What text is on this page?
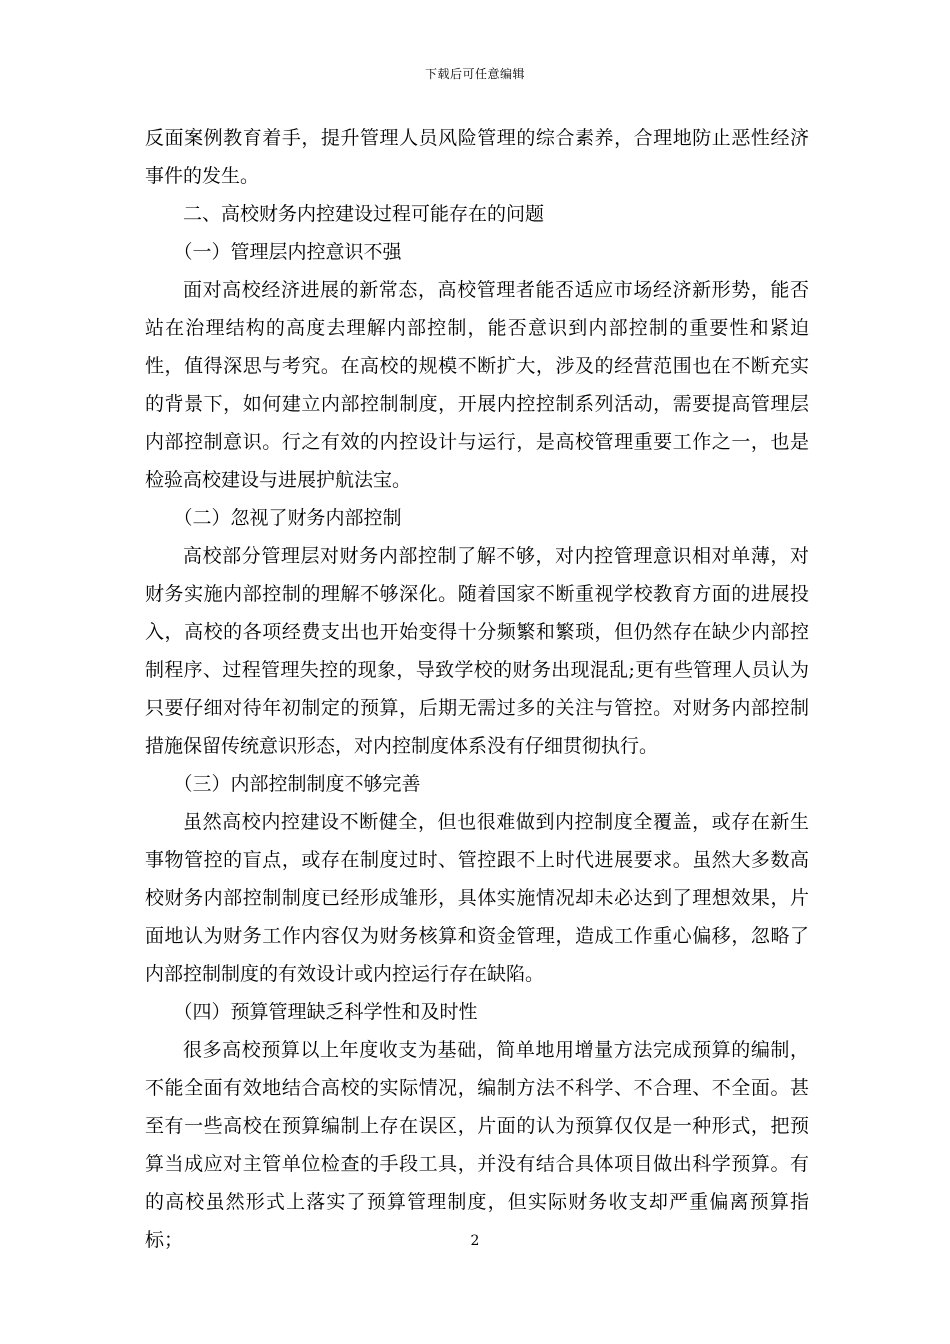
下载后可任意编辑

反面案例教育着手，提升管理人员风险管理的综合素养，合理地防止恶性经济事件的发生。

二、高校财务内控建设过程可能存在的问题

（一）管理层内控意识不强

面对高校经济进展的新常态，高校管理者能否适应市场经济新形势，能否站在治理结构的高度去理解内部控制，能否意识到内部控制的重要性和紧迫性，值得深思与考究。在高校的规模不断扩大，涉及的经营范围也在不断充实的背景下，如何建立内部控制制度，开展内控控制系列活动，需要提高管理层内部控制意识。行之有效的内控设计与运行，是高校管理重要工作之一，也是检验高校建设与进展护航法宝。

（二）忽视了财务内部控制

高校部分管理层对财务内部控制了解不够，对内控管理意识相对单薄，对财务实施内部控制的理解不够深化。随着国家不断重视学校教育方面的进展投入，高校的各项经费支出也开始变得十分频繁和繁琐，但仍然存在缺少内部控制程序、过程管理失控的现象，导致学校的财务出现混乱;更有些管理人员认为只要仔细对待年初制定的预算，后期无需过多的关注与管控。对财务内部控制措施保留传统意识形态，对内控制度体系没有仔细贯彻执行。

（三）内部控制制度不够完善

虽然高校内控建设不断健全，但也很难做到内控制度全覆盖，或存在新生事物管控的盲点，或存在制度过时、管控跟不上时代进展要求。虽然大多数高校财务内部控制制度已经形成雏形，具体实施情况却未必达到了理想效果，片面地认为财务工作内容仅为财务核算和资金管理，造成工作重心偏移，忽略了内部控制制度的有效设计或内控运行存在缺陷。

（四）预算管理缺乏科学性和及时性

很多高校预算以上年度收支为基础，简单地用增量方法完成预算的编制，不能全面有效地结合高校的实际情况，编制方法不科学、不合理、不全面。甚至有一些高校在预算编制上存在误区，片面的认为预算仅仅是一种形式，把预算当成应对主管单位检查的手段工具，并没有结合具体项目做出科学预算。有的高校虽然形式上落实了预算管理制度，但实际财务收支却严重偏离预算指标；	2
